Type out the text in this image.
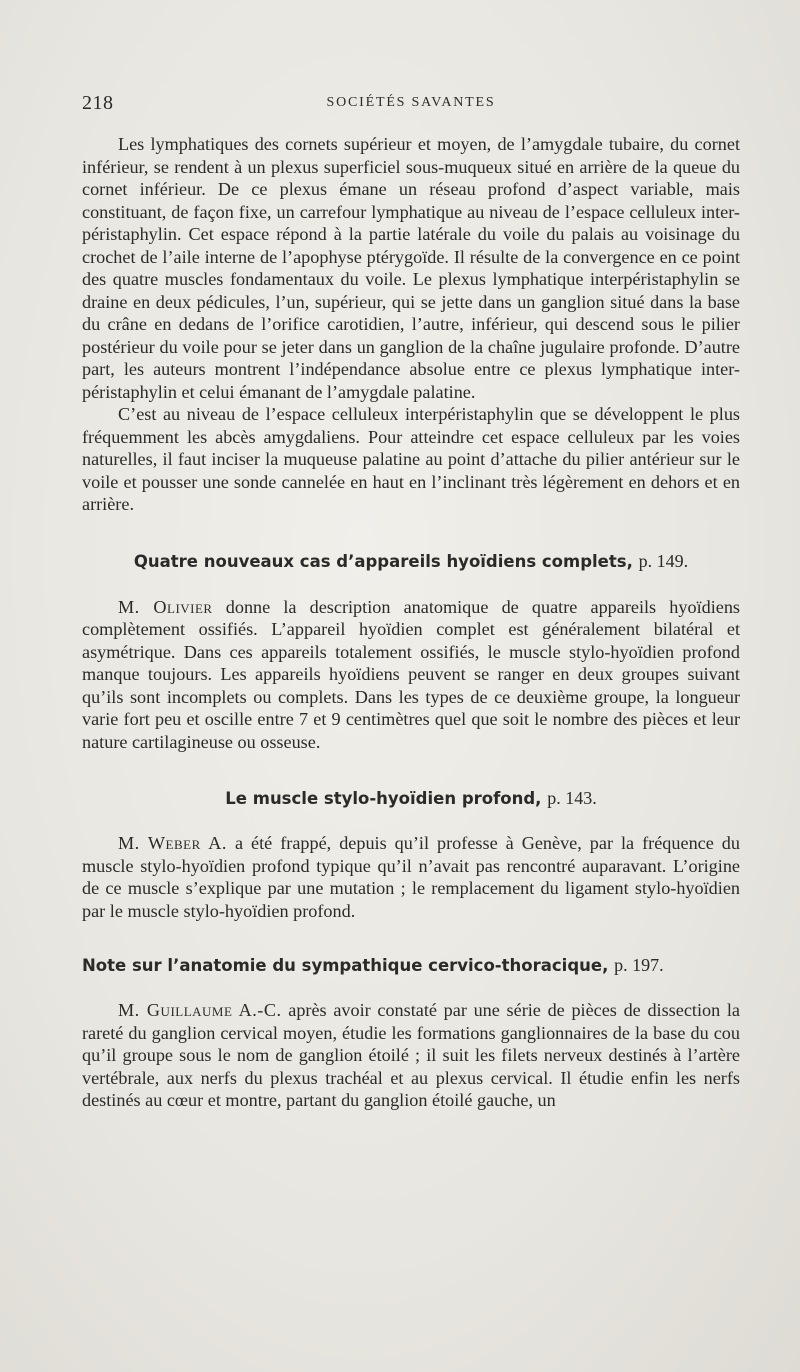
218	SOCIÉTÉS SAVANTES

Les lymphatiques des cornets supérieur et moyen, de l’amygdale tubaire, du cornet inférieur, se rendent à un plexus superficiel sous-muqueux situé en arrière de la queue du cornet inférieur. De ce plexus émane un réseau profond d’aspect variable, mais constituant, de façon fixe, un carrefour lymphatique au niveau de l’espace celluleux inter-péristaphylin. Cet espace répond à la partie latérale du voile du palais au voisinage du crochet de l’aile interne de l’apophyse ptérygoïde. Il résulte de la convergence en ce point des quatre muscles fondamentaux du voile. Le plexus lymphatique interpéristaphylin se draine en deux pédicules, l’un, supérieur, qui se jette dans un ganglion situé dans la base du crâne en dedans de l’orifice carotidien, l’autre, inférieur, qui descend sous le pilier postérieur du voile pour se jeter dans un ganglion de la chaîne jugulaire profonde. D’autre part, les auteurs montrent l’indépendance absolue entre ce plexus lymphatique inter-péristaphylin et celui émanant de l’amygdale palatine.

C’est au niveau de l’espace celluleux interpéristaphylin que se développent le plus fréquemment les abcès amygdaliens. Pour atteindre cet espace celluleux par les voies naturelles, il faut inciser la muqueuse palatine au point d’attache du pilier antérieur sur le voile et pousser une sonde cannelée en haut en l’inclinant très légèrement en dehors et en arrière.

Quatre nouveaux cas d’appareils hyoïdiens complets, p. 149.

M. Olivier donne la description anatomique de quatre appareils hyoïdiens complètement ossifiés. L’appareil hyoïdien complet est généralement bilatéral et asymétrique. Dans ces appareils totalement ossifiés, le muscle stylo-hyoïdien profond manque toujours. Les appareils hyoïdiens peuvent se ranger en deux groupes suivant qu’ils sont incomplets ou complets. Dans les types de ce deuxième groupe, la longueur varie fort peu et oscille entre 7 et 9 centimètres quel que soit le nombre des pièces et leur nature cartilagineuse ou osseuse.

Le muscle stylo-hyoïdien profond, p. 143.

M. Weber A. a été frappé, depuis qu’il professe à Genève, par la fréquence du muscle stylo-hyoïdien profond typique qu’il n’avait pas rencontré auparavant. L’origine de ce muscle s’explique par une mutation ; le remplacement du ligament stylo-hyoïdien par le muscle stylo-hyoïdien profond.

Note sur l’anatomie du sympathique cervico-thoracique, p. 197.

M. Guillaume A.-C. après avoir constaté par une série de pièces de dissection la rareté du ganglion cervical moyen, étudie les formations ganglionnaires de la base du cou qu’il groupe sous le nom de ganglion étoilé ; il suit les filets nerveux destinés à l’artère vertébrale, aux nerfs du plexus trachéal et au plexus cervical. Il étudie enfin les nerfs destinés au cœur et montre, partant du ganglion étoilé gauche, un
